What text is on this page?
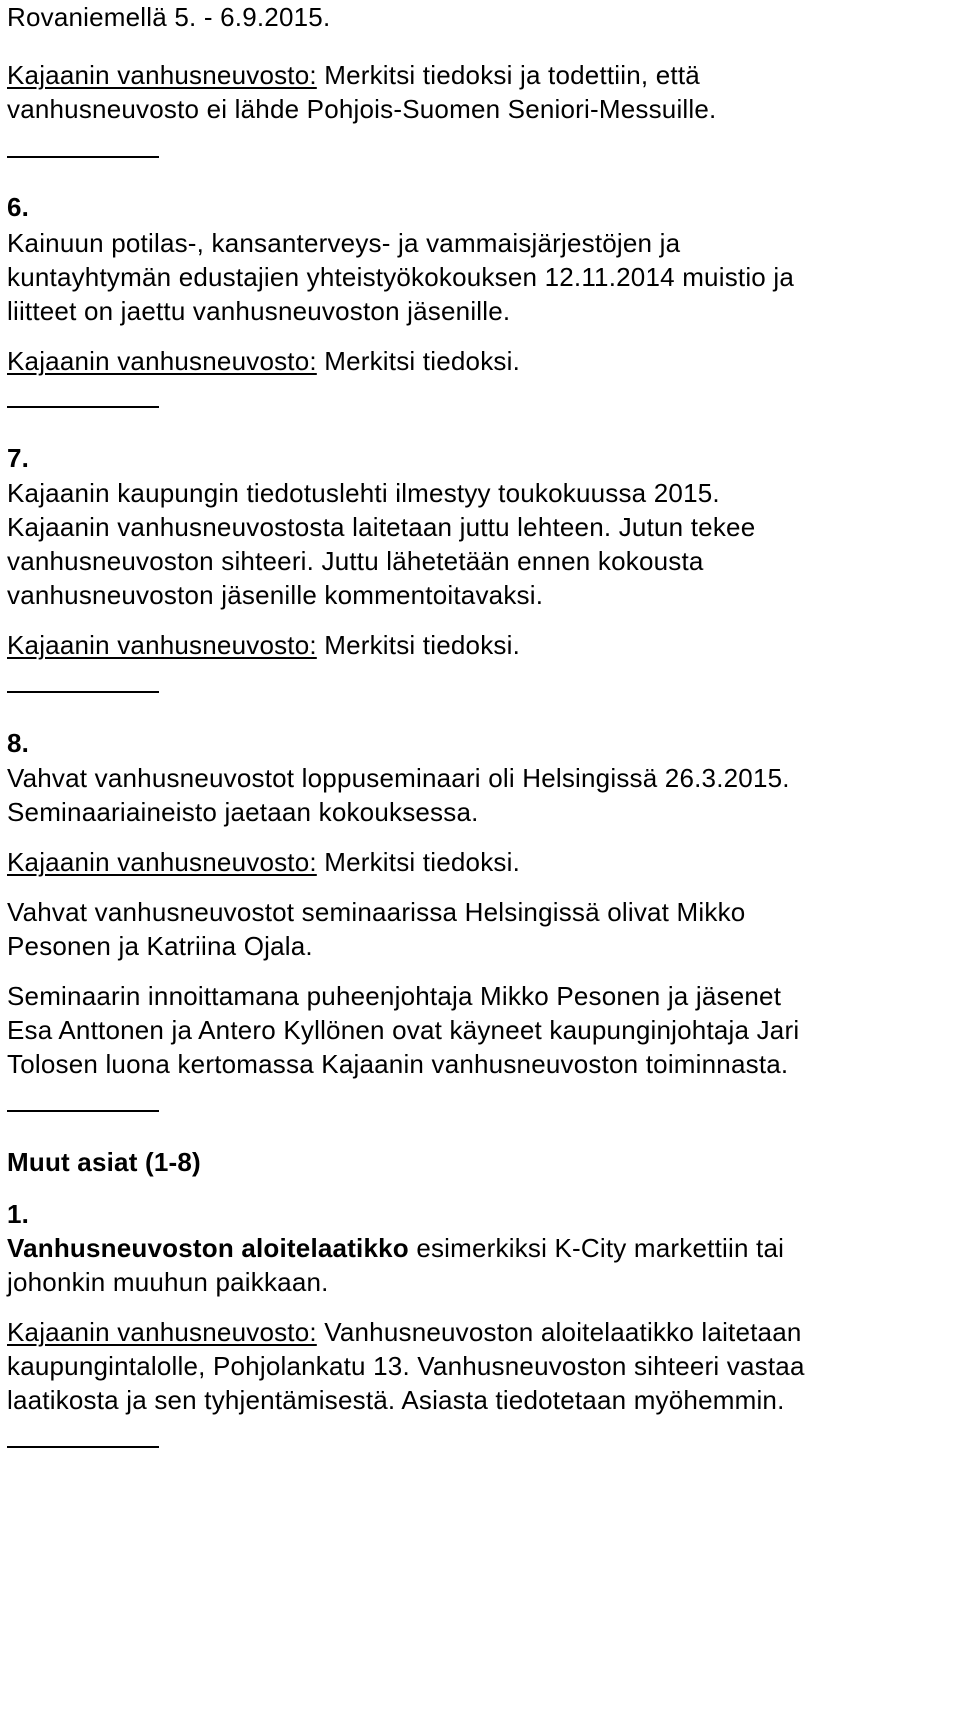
Rovaniemellä 5. - 6.9.2015.
Kajaanin vanhusneuvosto: Merkitsi tiedoksi ja todettiin, että
vanhusneuvosto ei lähde Pohjois-Suomen Seniori-Messuille.
6.
Kainuun potilas-, kansanterveys- ja vammaisjärjestöjen ja
kuntayhtymän edustajien yhteistyökokouksen 12.11.2014 muistio ja
liitteet on jaettu vanhusneuvoston jäsenille.
Kajaanin vanhusneuvosto: Merkitsi tiedoksi.
7.
Kajaanin kaupungin tiedotuslehti ilmestyy toukokuussa 2015.
Kajaanin vanhusneuvostosta laitetaan juttu lehteen. Jutun tekee
vanhusneuvoston sihteeri. Juttu lähetetään ennen kokousta
vanhusneuvoston jäsenille kommentoitavaksi.
Kajaanin vanhusneuvosto: Merkitsi tiedoksi.
8.
Vahvat vanhusneuvostot loppuseminaari oli Helsingissä 26.3.2015.
Seminaariaineisto jaetaan kokouksessa.
Kajaanin vanhusneuvosto: Merkitsi tiedoksi.
Vahvat vanhusneuvostot seminaarissa Helsingissä olivat Mikko
Pesonen ja Katriina Ojala.
Seminaarin innoittamana puheenjohtaja Mikko Pesonen ja jäsenet
Esa Anttonen ja Antero Kyllönen ovat käyneet kaupunginjohtaja Jari
Tolosen luona kertomassa Kajaanin vanhusneuvoston toiminnasta.
Muut asiat (1-8)
1.
Vanhusneuvoston aloitelaatikko esimerkiksi K-City markettiin tai
johonkin muuhun paikkaan.
Kajaanin vanhusneuvosto: Vanhusneuvoston aloitelaatikko laitetaan
kaupungintalolle, Pohjolankatu 13. Vanhusneuvoston sihteeri vastaa
laatikosta ja sen tyhjentämisestä. Asiasta tiedotetaan myöhemmin.
